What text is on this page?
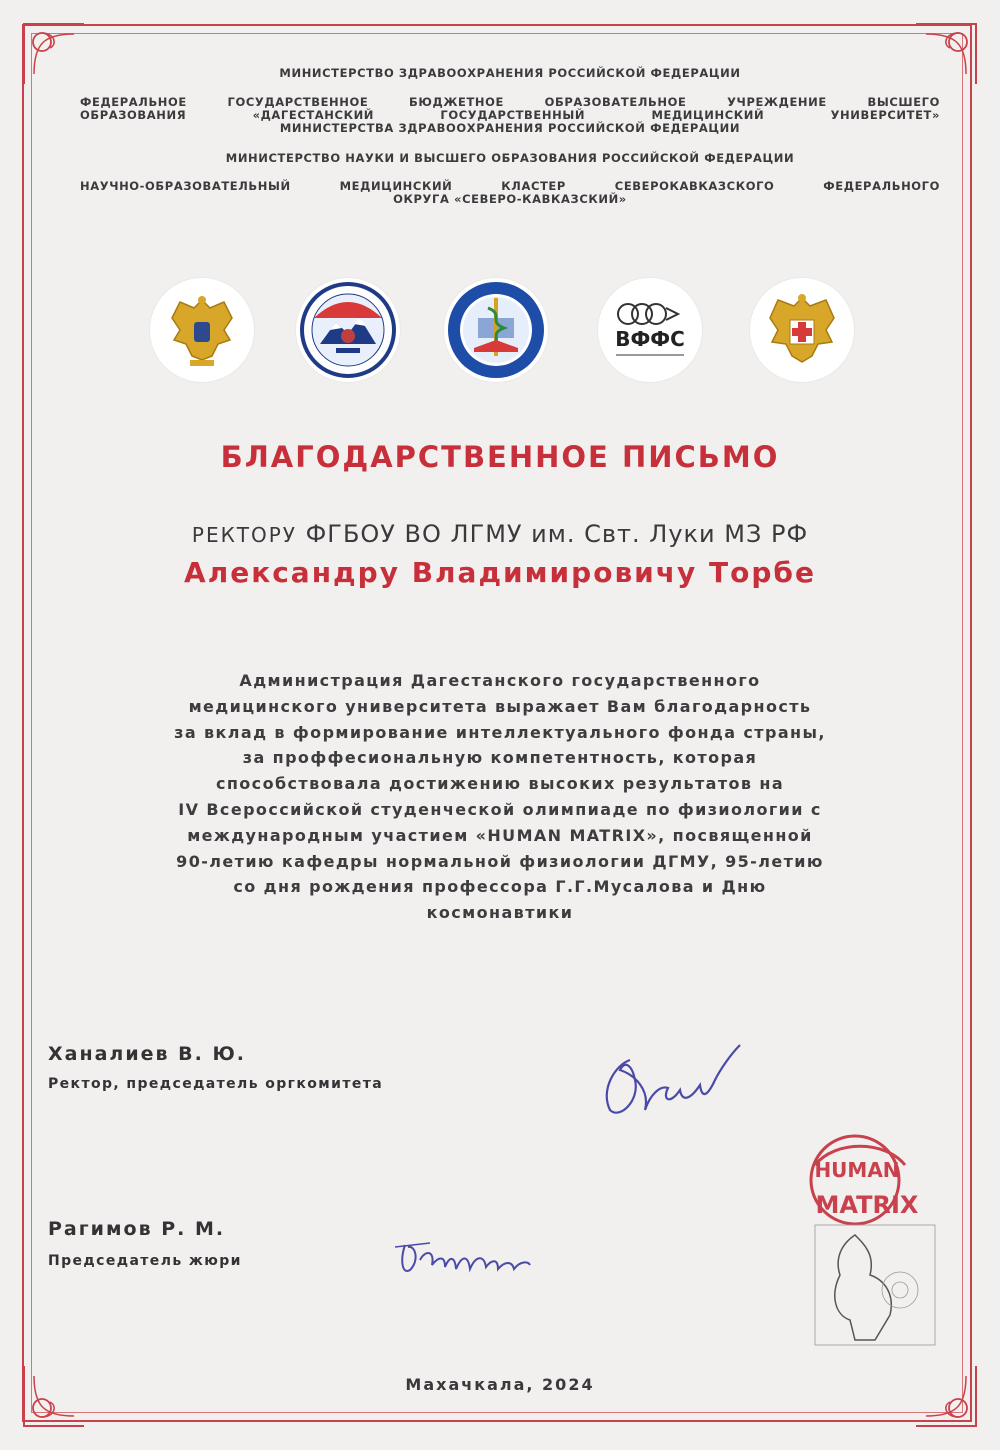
МИНИСТЕРСТВО ЗДРАВООХРАНЕНИЯ РОССИЙСКОЙ ФЕДЕРАЦИИ
ФЕДЕРАЛЬНОЕ ГОСУДАРСТВЕННОЕ БЮДЖЕТНОЕ ОБРАЗОВАТЕЛЬНОЕ УЧРЕЖДЕНИЕ ВЫСШЕГО
ОБРАЗОВАНИЯ «ДАГЕСТАНСКИЙ ГОСУДАРСТВЕННЫЙ МЕДИЦИНСКИЙ УНИВЕРСИТЕТ»
МИНИСТЕРСТВА ЗДРАВООХРАНЕНИЯ РОССИЙСКОЙ ФЕДЕРАЦИИ
МИНИСТЕРСТВО НАУКИ И ВЫСШЕГО ОБРАЗОВАНИЯ РОССИЙСКОЙ ФЕДЕРАЦИИ
НАУЧНО-ОБРАЗОВАТЕЛЬНЫЙ МЕДИЦИНСКИЙ КЛАСТЕР СЕВЕРОКАВКАЗСКОГО ФЕДЕРАЛЬНОГО
ОКРУГА «СЕВЕРО-КАВКАЗСКИЙ»
ВФФС
БЛАГОДАРСТВЕННОЕ ПИСЬМО
РЕКТОРУ ФГБОУ ВО ЛГМУ им. Свт. Луки МЗ РФ
Александру Владимировичу Торбе
Администрация Дагестанского государственного
медицинского университета выражает Вам благодарность
за вклад в формирование интеллектуального фонда страны,
за проффесиональную компетентность, которая
способствовала достижению высоких результатов на
IV Всероссийской студенческой олимпиаде по физиологии с
международным участием «HUMAN MATRIX», посвященной
90-летию кафедры нормальной физиологии ДГМУ, 95-летию
со дня рождения профессора Г.Г.Мусалова и Дню
космонавтики
Ханалиев В. Ю.
Ректор, председатель оргкомитета
Рагимов Р. М.
Председатель жюри
HUMAN
MATRIX
Махачкала, 2024
